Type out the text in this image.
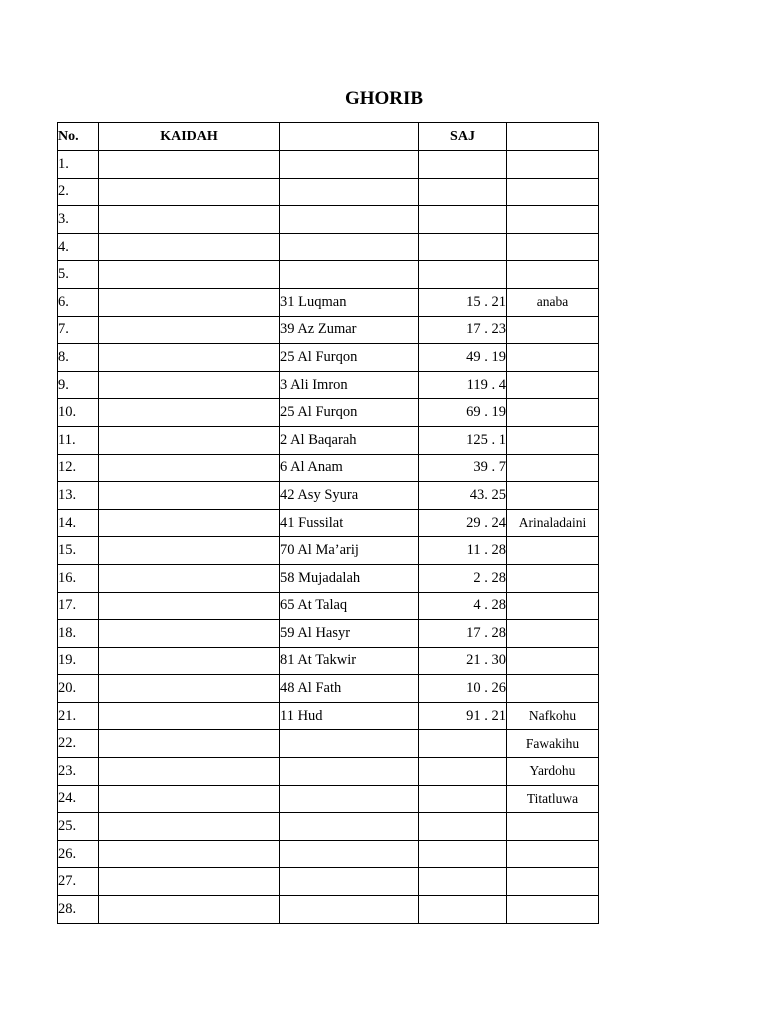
GHORIB
No.	KAIDAH		SAJ	
1.				
2.				
3.				
4.				
5.				
6.		31 Luqman	15 . 21	anaba
7.		39 Az Zumar	17 . 23	
8.		25 Al Furqon	49 . 19	
9.		3 Ali Imron	119 . 4	
10.		25 Al Furqon	69 . 19	
11.		2 Al Baqarah	125 . 1	
12.		6 Al Anam	39 . 7	
13.		42 Asy Syura	43. 25	
14.		41 Fussilat	29 . 24	Arinaladaini
15.		70 Al Ma’arij	11 . 28	
16.		58 Mujadalah	2 . 28	
17.		65 At Talaq	4 . 28	
18.		59 Al Hasyr	17 . 28	
19.		81 At Takwir	21 . 30	
20.		48 Al Fath	10 . 26	
21.		11 Hud	91 . 21	Nafkohu
22.				Fawakihu
23.				Yardohu
24.				Titatluwa
25.				
26.				
27.				
28.				
